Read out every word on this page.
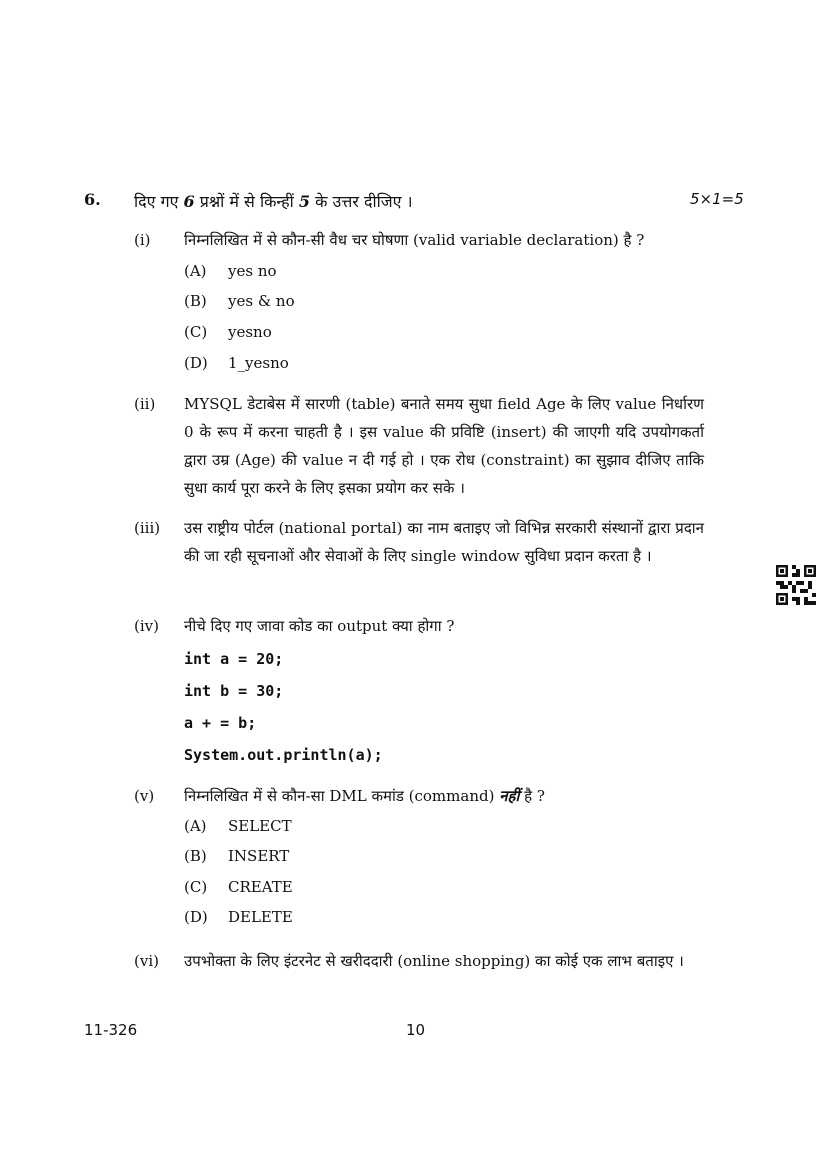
6. दिए गए 6 प्रश्नों में से किन्हीं 5 के उत्तर दीजिए ।	5×1=5
(i) निम्नलिखित में से कौन-सी वैध चर घोषणा (valid variable declaration) है ?
(A) yes no
(B) yes & no
(C) yesno
(D) 1_yesno
(ii) MYSQL डेटाबेस में सारणी (table) बनाते समय सुधा field Age के लिए value निर्धारण 0 के रूप में करना चाहती है । इस value की प्रविष्टि (insert) की जाएगी यदि उपयोगकर्ता द्वारा उम्र (Age) की value न दी गई हो । एक रोध (constraint) का सुझाव दीजिए ताकि सुधा कार्य पूरा करने के लिए इसका प्रयोग कर सके ।
(iii) उस राष्ट्रीय पोर्टल (national portal) का नाम बताइए जो विभिन्न सरकारी संस्थानों द्वारा प्रदान की जा रही सूचनाओं और सेवाओं के लिए single window सुविधा प्रदान करता है ।
(iv) नीचे दिए गए जावा कोड का output क्या होगा ?
int a = 20;
int b = 30;
a + = b;
System.out.println(a);
(v) निम्नलिखित में से कौन-सा DML कमांड (command) नहीं है ?
(A) SELECT
(B) INSERT
(C) CREATE
(D) DELETE
(vi) उपभोक्ता के लिए इंटरनेट से खरीददारी (online shopping) का कोई एक लाभ बताइए ।
11-326	10
